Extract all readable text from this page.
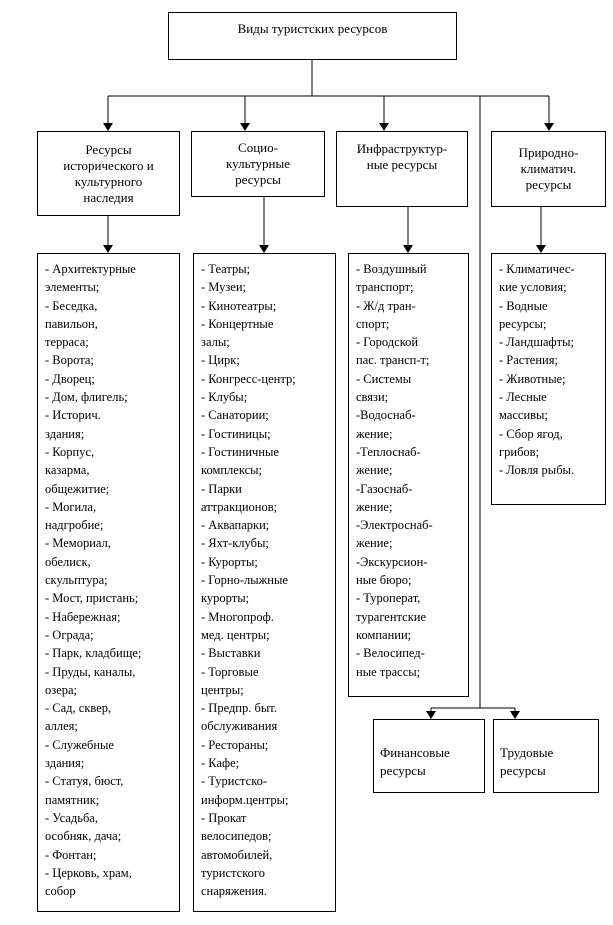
Виды туристских ресурсов
Ресурсы
исторического и
культурного
наследия
Социо-
культурные
ресурсы
Инфраструктур-
ные ресурсы
Природно-
климатич.
ресурсы
- Архитектурные
элементы;
- Беседка,
павильон,
терраса;
- Ворота;
- Дворец;
- Дом, флигель;
- Историч.
здания;
- Корпус,
казарма,
общежитие;
- Могила,
надгробие;
- Мемориал,
обелиск,
скульптура;
- Мост, пристань;
- Набережная;
- Ограда;
- Парк, кладбище;
- Пруды, каналы,
озера;
- Сад, сквер,
аллея;
- Служебные
здания;
- Статуя, бюст,
памятник;
- Усадьба,
особняк, дача;
- Фонтан;
- Церковь, храм,
собор
- Театры;
- Музеи;
- Кинотеатры;
- Концертные
залы;
- Цирк;
- Конгресс-центр;
- Клубы;
- Санатории;
- Гостиницы;
- Гостиничные
комплексы;
- Парки
аттракционов;
- Аквапарки;
- Яхт-клубы;
- Курорты;
- Горно-лыжные
курорты;
- Многопроф.
мед. центры;
- Выставки
- Торговые
центры;
- Предпр. быт.
обслуживания
- Рестораны;
- Кафе;
- Туристско-
информ.центры;
- Прокат
велосипедов;
автомобилей,
туристского
снаряжения.
- Воздушный
транспорт;
- Ж/д тран-
спорт;
- Городской
пас. трансп-т;
- Системы
связи;
-Водоснаб-
жение;
-Теплоснаб-
жение;
-Газоснаб-
жение;
-Электроснаб-
жение;
-Экскурсион-
ные бюро;
- Туроперат,
турагентские
компании;
- Велосипед-
ные трассы;
- Климатичес-
кие условия;
- Водные
ресурсы;
- Ландшафты;
- Растения;
- Животные;
- Лесные
массивы;
- Сбор ягод,
грибов;
- Ловля рыбы.

Финансовые
ресурсы

Трудовые
ресурсы
